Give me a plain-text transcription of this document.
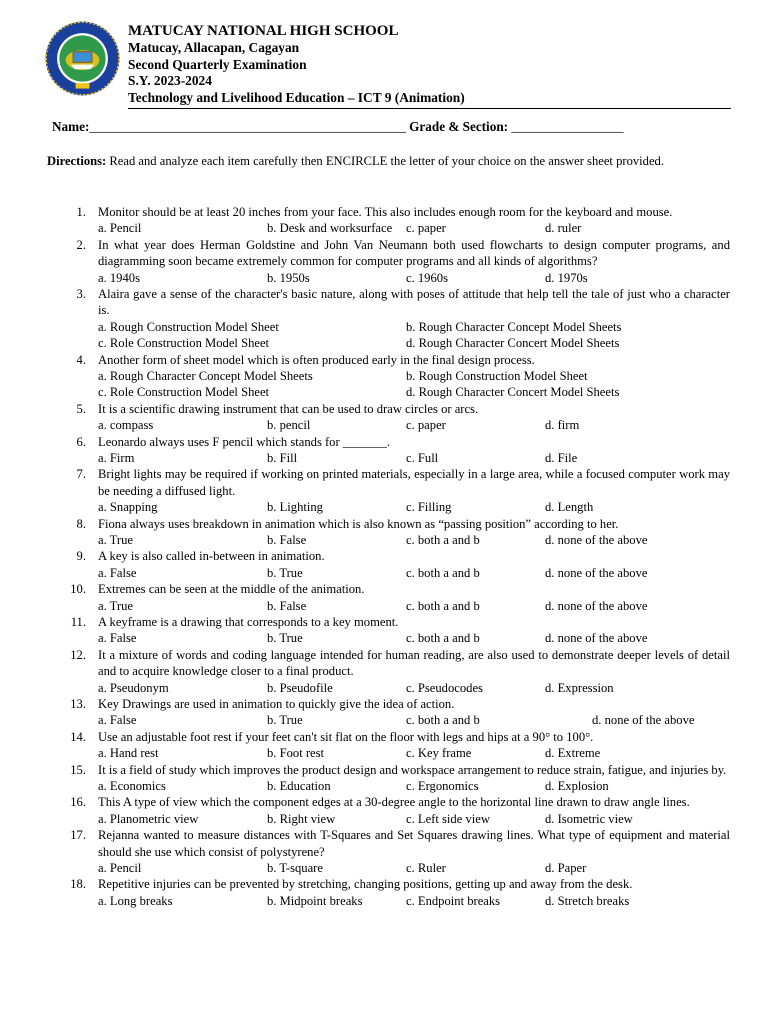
MATUCAY NATIONAL HIGH SCHOOL
Matucay, Allacapan, Cagayan
Second Quarterly Examination
S.Y. 2023-2024
Technology and Livelihood Education – ICT 9 (Animation)
Name:________________________________________________ Grade & Section: _________________
Directions: Read and analyze each item carefully then ENCIRCLE the letter of your choice on the answer sheet provided.
1. Monitor should be at least 20 inches from your face. This also includes enough room for the keyboard and mouse.
a. Pencil	b. Desk and worksurface c. paper	d. ruler
2. In what year does Herman Goldstine and John Van Neumann both used flowcharts to design computer programs, and diagramming soon became extremely common for computer programs and all kinds of algorithms?
a. 1940s	b. 1950s	c. 1960s	d. 1970s
3. Alaira gave a sense of the character's basic nature, along with poses of attitude that help tell the tale of just who a character is.
a. Rough Construction Model Sheet	b. Rough Character Concept Model Sheets
c. Role Construction Model Sheet	d. Rough Character Concert Model Sheets
4. Another form of sheet model which is often produced early in the final design process.
a. Rough Character Concept Model Sheets	b. Rough Construction Model Sheet
c. Role Construction Model Sheet	d. Rough Character Concert Model Sheets
5. It is a scientific drawing instrument that can be used to draw circles or arcs.
a. compass	b. pencil	c. paper	d. firm
6. Leonardo always uses F pencil which stands for _______.
a. Firm	b. Fill	c. Full	d. File
7. Bright lights may be required if working on printed materials, especially in a large area, while a focused computer work may be needing a diffused light.
a. Snapping	b. Lighting	c. Filling	d. Length
8. Fiona always uses breakdown in animation which is also known as “passing position” according to her.
a. True	b. False	c. both a and b	d. none of the above
9. A key is also called in-between in animation.
a. False	b. True	c. both a and b	d. none of the above
10. Extremes can be seen at the middle of the animation.
a. True	b. False	c. both a and b	d. none of the above
11. A keyframe is a drawing that corresponds to a key moment.
a. False	b. True	c. both a and b	d. none of the above
12. It a mixture of words and coding language intended for human reading, are also used to demonstrate deeper levels of detail and to acquire knowledge closer to a final product.
a. Pseudonym	b. Pseudofile	c. Pseudocodes	d. Expression
13. Key Drawings are used in animation to quickly give the idea of action.
a. False	b. True	c. both a and b	d. none of the above
14. Use an adjustable foot rest if your feet can't sit flat on the floor with legs and hips at a 90° to 100°.
a. Hand rest	b. Foot rest	c. Key frame	d. Extreme
15. It is a field of study which improves the product design and workspace arrangement to reduce strain, fatigue, and injuries by.
a. Economics	b. Education	c. Ergonomics	d. Explosion
16. This A type of view which the component edges at a 30-degree angle to the horizontal line drawn to draw angle lines.
a. Planometric view	b. Right view	c. Left side view	d. Isometric view
17. Rejanna wanted to measure distances with T-Squares and Set Squares drawing lines. What type of equipment and material should she use which consist of polystyrene?
a. Pencil	b. T-square	c. Ruler	d. Paper
18. Repetitive injuries can be prevented by stretching, changing positions, getting up and away from the desk.
a. Long breaks	b. Midpoint breaks	c. Endpoint breaks	d. Stretch breaks
